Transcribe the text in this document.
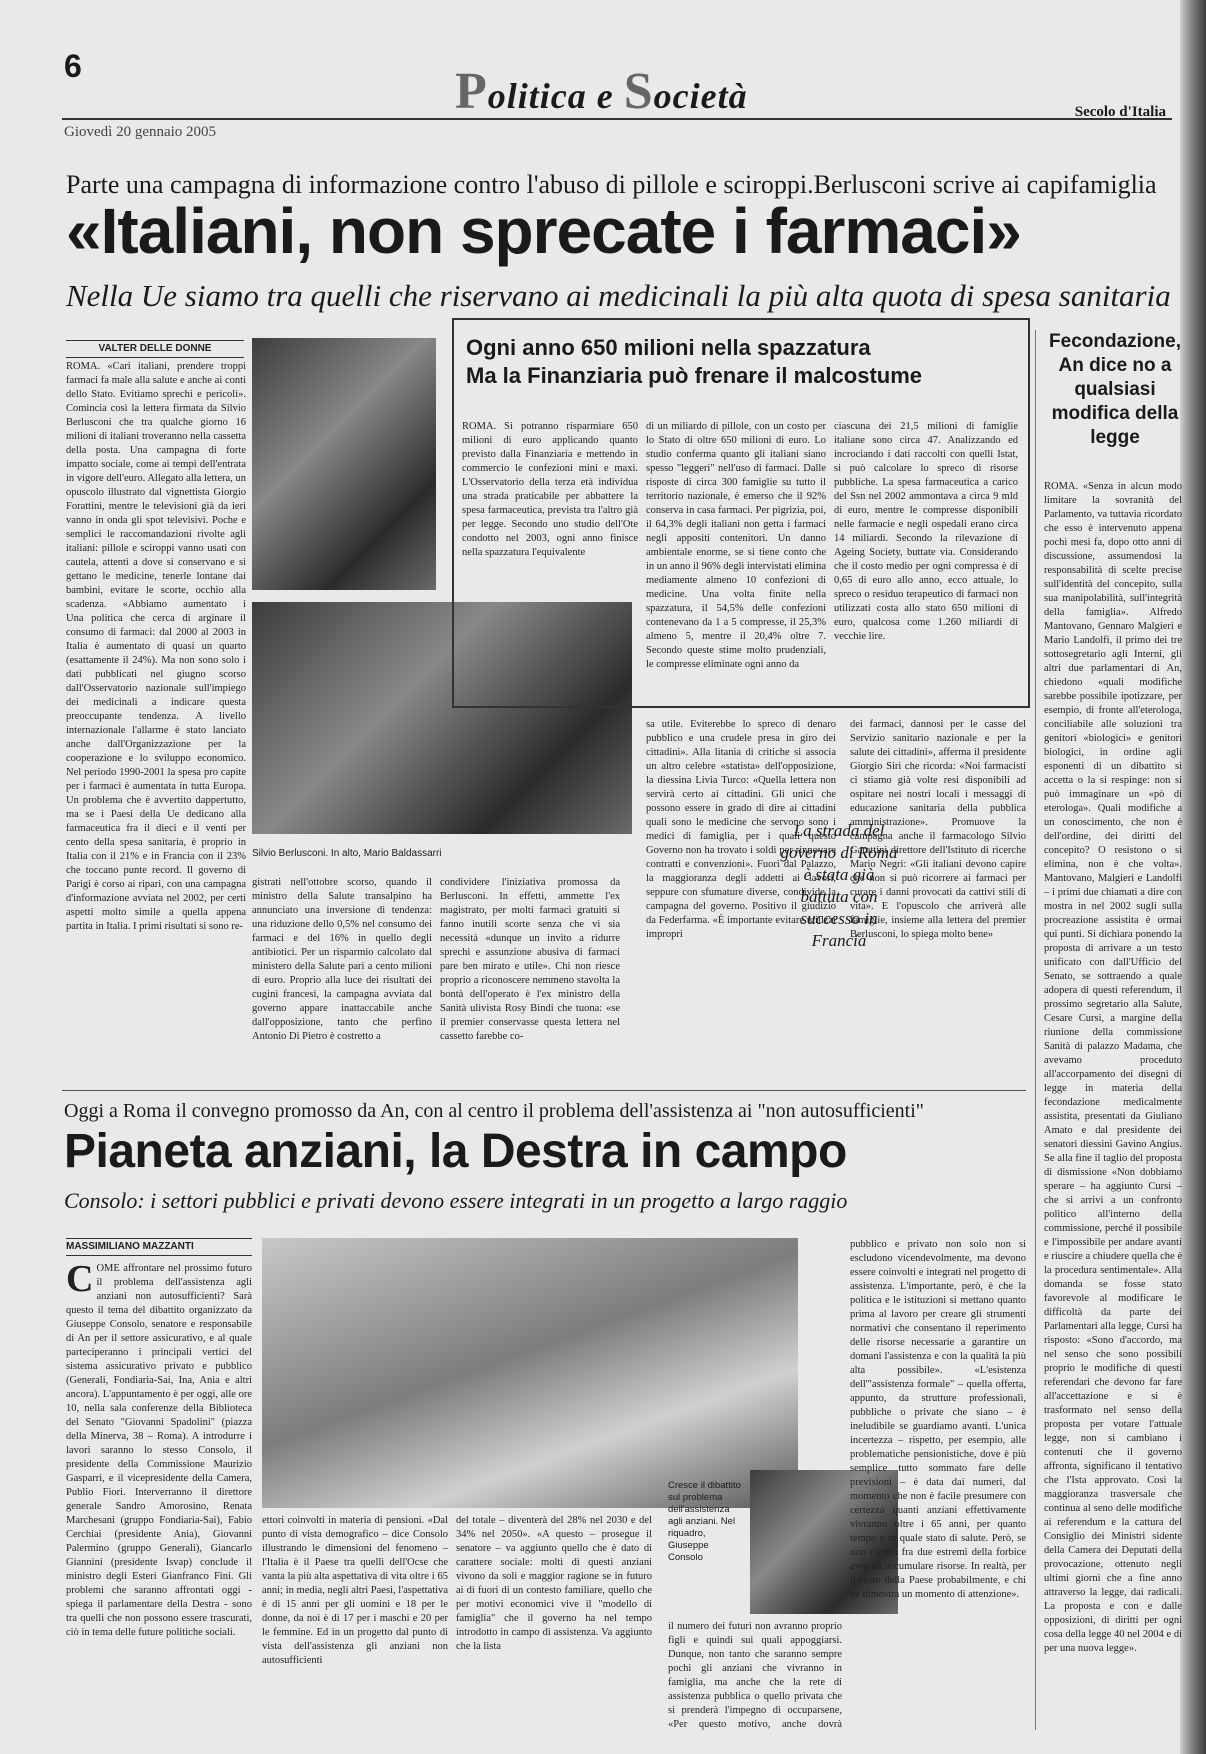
6	Politica e Società	Secolo d'Italia
Giovedì 20 gennaio 2005
Parte una campagna di informazione contro l'abuso di pillole e sciroppi.Berlusconi scrive ai capifamiglia
«Italiani, non sprecate i farmaci»
Nella Ue siamo tra quelli che riservano ai medicinali la più alta quota di spesa sanitaria
VALTER DELLE DONNE
ROMA. «Cari italiani, prendere troppi farmaci fa male alla salute e anche ai conti dello Stato. Evitiamo sprechi e pericoli». Comincia così la lettera firmata da Silvio Berlusconi che tra qualche giorno 16 milioni di italiani troveranno nella cassetta della posta. Una campagna di forte impatto sociale, come ai tempi dell'entrata in vigore dell'euro. Allegato alla lettera, un opuscolo illustrato dal vignettista Giorgio Forattini, mentre le televisioni già da ieri vanno in onda gli spot televisivi. Poche e semplici le raccomandazioni rivolte agli italiani: pillole e sciroppi vanno usati con cautela, attenti a dove si conservano e si gettano le medicine, tenerle lontane dai bambini, evitare le scorte, occhio alla scadenza. «Abbiamo aumentato i
Una politica che cerca di arginare il consumo di farmaci: dal 2000 al 2003 in Italia è aumentato di quasi un quarto (esattamente il 24%). Ma non sono solo i dati pubblicati nel giugno scorso dall'Osservatorio nazionale sull'impiego dei medicinali a indicare questa preoccupante tendenza. A livello internazionale l'allarme è stato lanciato anche dall'Organizzazione per la cooperazione e lo sviluppo economico. Nel periodo 1990-2001 la spesa pro capite per i farmaci è aumentata in tutta Europa. Un problema che è avvertito dappertutto, ma se i Paesi della Ue dedicano alla farmaceutica fra il dieci e il venti per cento della spesa sanitaria, è proprio in Italia con il 21% e in Francia con il 23% che toccano punte record. Il governo di Parigi è corso ai ripari, con una campagna d'informazione avviata nel 2002, per certi aspetti molto simile a quella appena partita in Italia. I primi risultati si sono re-
Silvio Berlusconi. In alto, Mario Baldassarri
Ogni anno 650 milioni nella spazzatura
Ma la Finanziaria può frenare il malcostume
ROMA. Si potranno risparmiare 650 milioni di euro applicando quanto previsto dalla Finanziaria e mettendo in commercio le confezioni mini e maxi. L'Osservatorio della terza età individua una strada praticabile per abbattere la spesa farmaceutica, prevista tra l'altro già per legge. Secondo uno studio dell'Ote condotto nel 2003, ogni anno finisce nella spazzatura l'equivalente
di un miliardo di pillole, con un costo per lo Stato di oltre 650 milioni di euro. Lo studio conferma quanto gli italiani siano spesso "leggeri" nell'uso di farmaci. Dalle risposte di circa 300 famiglie su tutto il territorio nazionale, è emerso che il 92% conserva in casa farmaci. Per pigrizia, poi, il 64,3% degli italiani non getta i farmaci negli appositi contenitori. Un danno ambientale enorme, se si tiene conto che in un anno il 96% degli intervistati elimina mediamente almeno 10 confezioni di medicine. Una volta finite nella spazzatura, il 54,5% delle confezioni contenevano da 1 a 5 compresse, il 25,3% almeno 5, mentre il 20,4% oltre 7. Secondo queste stime molto prudenziali, le compresse eliminate ogni anno da
ciascuna dei 21,5 milioni di famiglie italiane sono circa 47. Analizzando ed incrociando i dati raccolti con quelli Istat, si può calcolare lo spreco di risorse pubbliche. La spesa farmaceutica a carico del Ssn nel 2002 ammontava a circa 9 mld di euro, mentre le compresse disponibili nelle farmacie e negli ospedali erano circa 14 miliardi. Secondo la rilevazione di Ageing Society, buttate via. Considerando che il costo medio per ogni compressa è di 0,65 di euro allo anno, ecco attuale, lo spreco o residuo terapeutico di farmaci non utilizzati costa allo stato 650 milioni di euro, qualcosa come 1.260 miliardi di vecchie lire.
gistrati nell'ottobre scorso, quando il ministro della Salute transalpino ha annunciato una inversione di tendenza: una riduzione dello 0,5% nel consumo dei farmaci e del 16% in quello degli antibiotici. Per un risparmio calcolato dal ministero della Salute pari a cento milioni di euro. Proprio alla luce dei risultati dei cugini francesi, la campagna avviata dal governo appare inattaccabile anche dall'opposizione, tanto che perfino Antonio Di Pietro è costretto a
condividere l'iniziativa promossa da Berlusconi. In effetti, ammette l'ex magistrato, per molti farmaci gratuiti si fanno inutili scorte senza che vi sia necessità «dunque un invito a ridurre sprechi e assunzione abusiva di farmaci pare ben mirato e utile». Chi non riesce proprio a riconoscere nemmeno stavolta la bontà dell'operato è l'ex ministro della Sanità ulivista Rosy Bindi che tuona: «se il premier conservasse questa lettera nel cassetto farebbe co-
sa utile. Eviterebbe lo spreco di denaro pubblico e una crudele presa in giro dei cittadini». Alla litania di critiche si associa un altro celebre «statista» dell'opposizione, la diessina Livia Turco: «Quella lettera non servirà certo ai cittadini. Gli unici che possono essere in grado di dire ai cittadini quali sono le medicine che servono sono i medici di famiglia, per i quali questo Governo non ha trovato i soldi per rinnovare contratti e convenzioni». Fuori dal Palazzo, la maggioranza degli addetti ai lavori, seppure con sfumature diverse, condivide la campagna del governo. Positivo il giudizio da Federfarma. «È importante evitare utilizzi impropri
La strada del governo di Roma è stata già battuta con successo in Francia
dei farmaci, dannosi per le casse del Servizio sanitario nazionale e per la salute dei cittadini», afferma il presidente Giorgio Siri che ricorda: «Noi farmacisti ci stiamo già volte resi disponibili ad ospitare nei nostri locali i messaggi di educazione sanitaria della pubblica amministrazione». Promuove la campagna anche il farmacologo Silvio Garattini direttore dell'Istituto di ricerche Mario Negri: «Gli italiani devono capire che non si può ricorrere ai farmaci per curare i danni provocati da cattivi stili di vita». E l'opuscolo che arriverà alle famiglie, insieme alla lettera del premier Berlusconi, lo spiega molto bene»
Fecondazione, An dice no a qualsiasi modifica della legge
ROMA. «Senza in alcun modo limitare la sovranità del Parlamento, va tuttavia ricordato che esso è intervenuto appena pochi mesi fa, dopo otto anni di discussione, assumendosi la responsabilità di scelte precise sull'identità del concepito, sulla sua manipolabilità, sull'integrità della famiglia». Alfredo Mantovano, Gennaro Malgieri e Mario Landolfi, il primo dei tre sottosegretario agli Interni, gli altri due parlamentari di An, chiedono «quali modifiche sarebbe possibile ipotizzare, per esempio, di fronte all'eterologa, conciliabile alle soluzioni tra genitori «biologici» e genitori biologici, in ordine agli esponenti di un dibattito sì accetta o la si respinge: non si può immaginare un «pò di eterologa». Quali modifiche a un conoscimento, che non è dell'ordine, dei diritti del concepito? O resistono o si elimina, non è che volta». Mantovano, Malgieri e Landolfi – i primi due chiamati a dire con mostra in nel 2002 sugli sulla procreazione assistita è ormai qui punti. Si dichiara ponendo la proposta di arrivare a un testo unificato con dall'Ufficio del Senato, se sottraendo a quale adopera di questi referendum, il prossimo segretario alla Salute, Cesare Cursi, a margine della riunione della commissione Sanità di palazzo Madama, che avevamo proceduto all'accorpamento dei disegni di legge in materia della fecondazione medicalmente assistita, presentati da Giuliano Amato e dal presidente dei senatori diessini Gavino Angius. Se alla fine il taglio del proposta di dismissione «Non dobbiamo sperare – ha aggiunto Cursi – che si arrivi a un confronto politico all'interno della commissione, perché il possibile e l'impossibile per andare avanti e riuscire a chiudere quella che è la procedura sentimentale». Alla domanda se fosse stato favorevole al modificare le difficoltà da parte dei Parlamentari alla legge, Cursi ha risposto: «Sono d'accordo, ma nel senso che sono possibili proprio le modifiche di questi referendari che devono far fare all'accettazione e si è trasformato nel senso della proposta per votare l'attuale legge, non si cambiano i contenuti che il governo affronta, significano il tentativo che l'Ista approvato. Così la maggioranza trasversale che continua al seno delle modifiche ai referendum e la cattura del Consiglio dei Ministri sidente della Camera dei Deputati della provocazione, ottenuto negli ultimi giorni che a fine anno attraverso la legge, dai radicali. La proposta e con e dalle opposizioni, di diritti per ogni cosa della legge 40 nel 2004 e di per una nuova legge».
Oggi a Roma il convegno promosso da An, con al centro il problema dell'assistenza ai "non autosufficienti"
Pianeta anziani, la Destra in campo
Consolo: i settori pubblici e privati devono essere integrati in un progetto a largo raggio
MASSIMILIANO MAZZANTI
COME affrontare nel prossimo futuro il problema dell'assistenza agli anziani non autosufficienti? Sarà questo il tema del dibattito organizzato da Giuseppe Consolo, senatore e responsabile di An per il settore assicurativo, e al quale parteciperanno i principali vertici del sistema assicurativo privato e pubblico (Generali, Fondiaria-Sai, Ina, Ania e altri ancora). L'appuntamento è per oggi, alle ore 10, nella sala conferenze della Biblioteca del Senato "Giovanni Spadolini" (piazza della Minerva, 38 – Roma). A introdurre i lavori saranno lo stesso Consolo, il presidente della Commissione Maurizio Gasparri, e il vicepresidente della Camera, Publio Fiori. Interverranno il direttore generale Sandro Amorosino, Renata Marchesani (gruppo Fondiaria-Sai), Fabio Cerchiai (presidente Ania), Giovanni Palermino (gruppo Generali), Giancarlo Giannini (presidente Isvap) conclude il ministro degli Esteri Gianfranco Fini. Gli problemi che saranno affrontati oggi - spiega il parlamentare della Destra - sono tra quelli che non possono essere trascurati, ciò in tema delle future politiche sociali.
Cresce il dibattito sul problema dell'assistenza agli anziani. Nel riquadro, Giuseppe Consolo
ettori coinvolti in materia di pensioni. «Dal punto di vista demografico – dice Consolo illustrando le dimensioni del fenomeno – l'Italia è il Paese tra quelli dell'Ocse che vanta la più alta aspettativa di vita oltre i 65 anni; in media, negli altri Paesi, l'aspettativa è di 15 anni per gli uomini e 18 per le donne, da noi è di 17 per i maschi e 20 per le femmine. Ed in un progetto dal punto di vista dell'assistenza gli anziani non autosufficienti
del totale – diventerà del 28% nel 2030 e del 34% nel 2050». «A questo – prosegue il senatore – va aggiunto quello che è dato di carattere sociale: molti di questi anziani vivono da soli e maggior ragione se in futuro ai di fuori di un contesto familiare, quello che per motivi economici vive il "modello di famiglia" che il governo ha nel tempo introdotto in campo di assistenza. Va aggiunto che la lista
il numero dei futuri non avranno proprio figli e quindi sui quali appoggiarsi. Dunque, non tanto che saranno sempre pochi gli anziani che vivranno in famiglia, ma anche che la rete di assistenza pubblica o quello privata che si prenderà l'impegno di occuparsene, «Per questo motivo, anche dovrà
pubblico e privato non solo non si escludono vicendevolmente, ma devono essere coinvolti e integrati nel progetto di assistenza. L'importante, però, è che la politica e le istituzioni si mettano quanto prima al lavoro per creare gli strumenti normativi che consentano il reperimento delle risorse necessarie a garantire un domani l'assistenza e con la qualità la più alta possibile». «L'esistenza dell'"assistenza formale" – quella offerta, appunto, da strutture professionali, pubbliche o private che siano – è ineludibile se guardiamo avanti. L'unica incertezza – rispetto, per esempio, alle problematiche pensionistiche, dove è più semplice tutto sommato fare delle previsioni – è data dai numeri, dal momento che non è facile presumere con certezza quanti anziani effettivamente vivranno oltre i 65 anni, per quanto tempo e in quale stato di salute. Però, se non c'entra fra due estremi della forbice avrà ad accumulare risorse. In realtà, per il resto della Paese probabilmente, e chi ne dimostra un momento di attenzione».
